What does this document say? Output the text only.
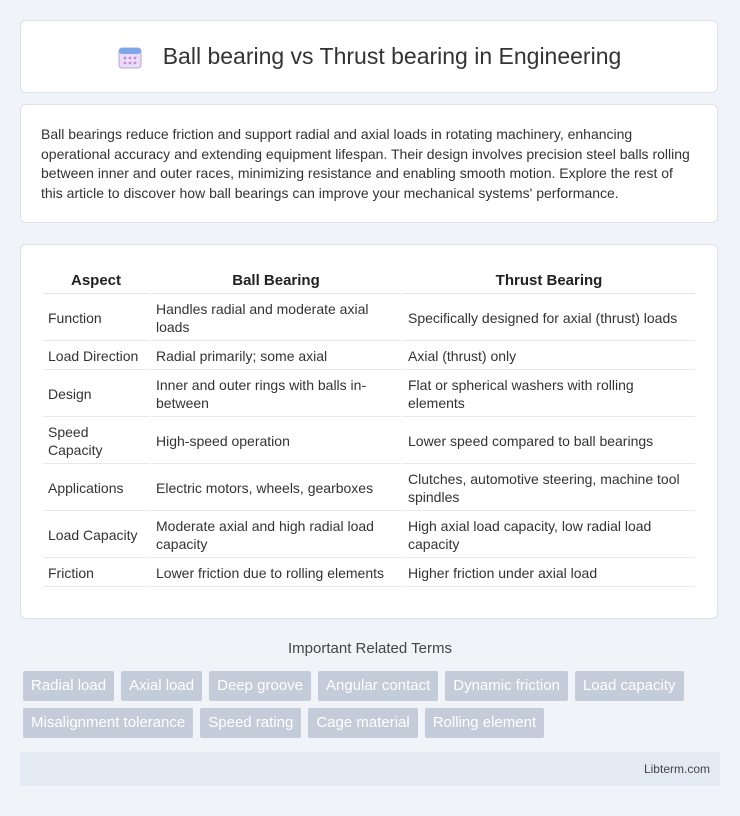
Ball bearing vs Thrust bearing in Engineering

Ball bearings reduce friction and support radial and axial loads in rotating machinery, enhancing operational accuracy and extending equipment lifespan. Their design involves precision steel balls rolling between inner and outer races, minimizing resistance and enabling smooth motion. Explore the rest of this article to discover how ball bearings can improve your mechanical systems' performance.

Aspect	Ball Bearing	Thrust Bearing
Function	Handles radial and moderate axial loads	Specifically designed for axial (thrust) loads
Load Direction	Radial primarily; some axial	Axial (thrust) only
Design	Inner and outer rings with balls in-between	Flat or spherical washers with rolling elements
Speed Capacity	High-speed operation	Lower speed compared to ball bearings
Applications	Electric motors, wheels, gearboxes	Clutches, automotive steering, machine tool spindles
Load Capacity	Moderate axial and high radial load capacity	High axial load capacity, low radial load capacity
Friction	Lower friction due to rolling elements	Higher friction under axial load
Important Related Terms
Radial load	Axial load	Deep groove	Angular contact	Dynamic friction	Load capacity
Misalignment tolerance	Speed rating	Cage material	Rolling element
Libterm.com
